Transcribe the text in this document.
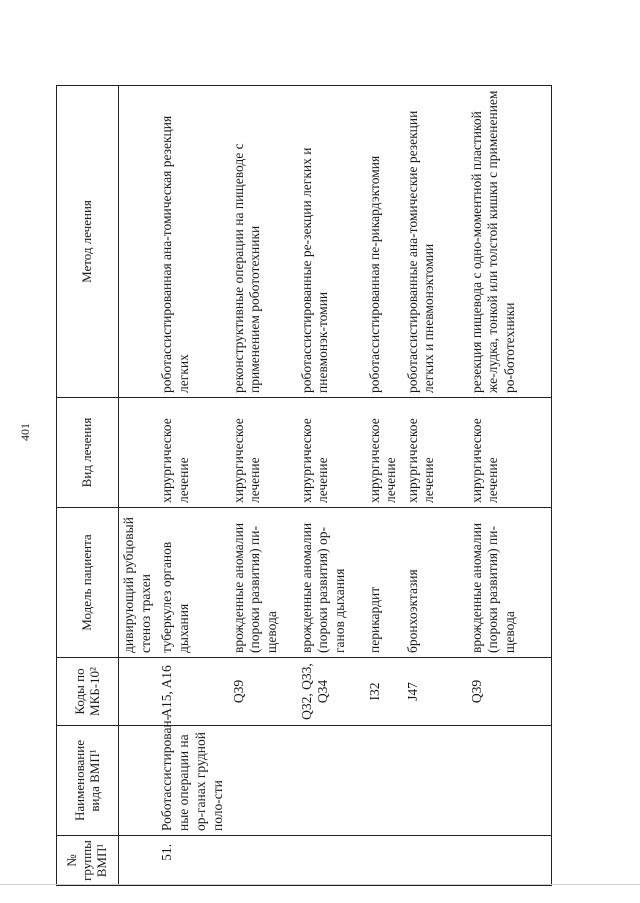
401
№ группы ВМП¹	Наименование вида ВМП¹	Коды по МКБ-10²	Модель пациента	Вид лечения	Метод лечения
			дивирующий рубцовый стеноз трахеи		
51.	Роботассистирован-ные операции на ор-ганах грудной поло-сти	A15, A16	туберкулез органов дыхания	хирургическое лечение	роботассистированная ана-томическая резекция легких
		Q39	врожденные аномалии (пороки развития) пи-щевода	хирургическое лечение	реконструктивные операции на пищеводе с применением робототехники
		Q32, Q33, Q34	врожденные аномалии (пороки развития) ор-ганов дыхания	хирургическое лечение	роботассистированные ре-зекции легких и пневмонэк-томии
		I32	перикардит	хирургическое лечение	роботассистированная пе-рикардэктомия
		J47	бронхоэктазия	хирургическое лечение	роботассистированные ана-томические резекции легких и пневмонэктомии
		Q39	врожденные аномалии (пороки развития) пи-щевода	хирургическое лечение	резекция пищевода с одно-моментной пластикой же-лудка, тонкой или толстой кишки с применением ро-бототехники
